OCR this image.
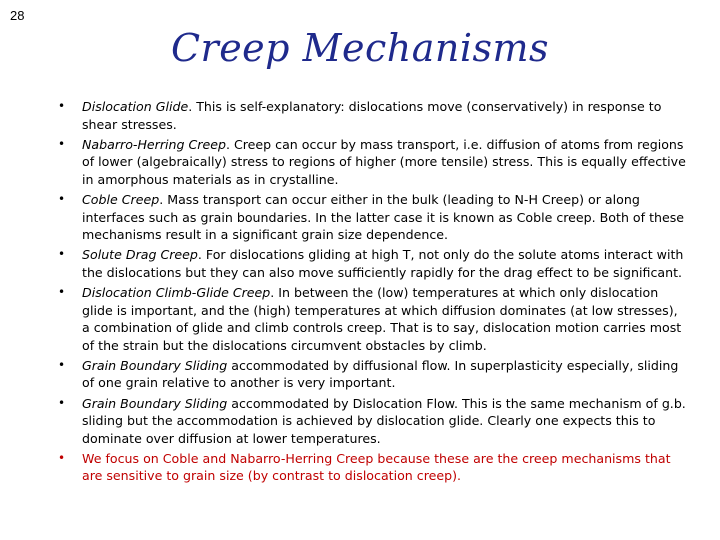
28
Creep Mechanisms
• Dislocation Glide. This is self-explanatory: dislocations move (conservatively) in response to shear stresses.
• Nabarro-Herring Creep. Creep can occur by mass transport, i.e. diffusion of atoms from regions of lower (algebraically) stress to regions of higher (more tensile) stress. This is equally effective in amorphous materials as in crystalline.
• Coble Creep. Mass transport can occur either in the bulk (leading to N-H Creep) or along interfaces such as grain boundaries. In the latter case it is known as Coble creep. Both of these mechanisms result in a significant grain size dependence.
• Solute Drag Creep. For dislocations gliding at high T, not only do the solute atoms interact with the dislocations but they can also move sufficiently rapidly for the drag effect to be significant.
• Dislocation Climb-Glide Creep. In between the (low) temperatures at which only dislocation glide is important, and the (high) temperatures at which diffusion dominates (at low stresses), a combination of glide and climb controls creep. That is to say, dislocation motion carries most of the strain but the dislocations circumvent obstacles by climb.
• Grain Boundary Sliding accommodated by diffusional flow. In superplasticity especially, sliding of one grain relative to another is very important.
• Grain Boundary Sliding accommodated by Dislocation Flow. This is the same mechanism of g.b. sliding but the accommodation is achieved by dislocation glide. Clearly one expects this to dominate over diffusion at lower temperatures.
• We focus on Coble and Nabarro-Herring Creep because these are the creep mechanisms that are sensitive to grain size (by contrast to dislocation creep).
